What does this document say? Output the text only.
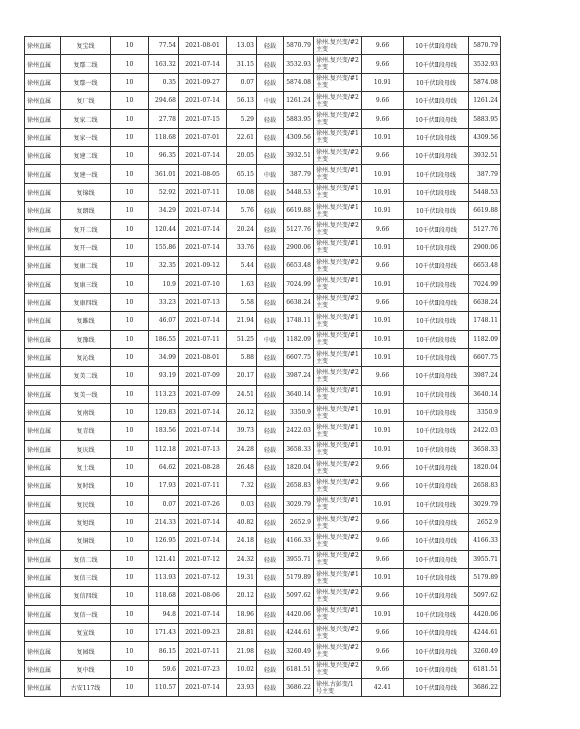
徐州直属	复宝线	10	77.54	2021-08-01	13.03	轻载	5870.79	徐州.复兴变/#2主变	9.66	10千伏Ⅱ段母线	5870.79
徐州直属	复鄢二线	10	163.32	2021-07-14	31.15	轻载	3532.93	徐州.复兴变/#2主变	9.66	10千伏Ⅱ段母线	3532.93
徐州直属	复鄢一线	10	0.35	2021-09-27	0.07	轻载	5874.08	徐州.复兴变/#1主变	10.91	10千伏Ⅰ段母线	5874.08
徐州直属	复厂线	10	294.68	2021-07-14	56.13	中载	1261.24	徐州.复兴变/#2主变	9.66	10千伏Ⅱ段母线	1261.24
徐州直属	复家二线	10	27.78	2021-07-15	5.29	轻载	5883.95	徐州.复兴变/#2主变	9.66	10千伏Ⅱ段母线	5883.95
徐州直属	复家一线	10	118.68	2021-07-01	22.61	轻载	4309.56	徐州.复兴变/#1主变	10.91	10千伏Ⅰ段母线	4309.56
徐州直属	复建二线	10	96.35	2021-07-14	20.05	轻载	3932.51	徐州.复兴变/#2主变	9.66	10千伏Ⅱ段母线	3932.51
徐州直属	复建一线	10	361.01	2021-08-05	65.15	中载	387.79	徐州.复兴变/#1主变	10.91	10千伏Ⅰ段母线	387.79
徐州直属	复锦线	10	52.92	2021-07-11	10.08	轻载	5448.53	徐州.复兴变/#1主变	10.91	10千伏Ⅰ段母线	5448.53
徐州直属	复朗线	10	34.29	2021-07-14	5.76	轻载	6619.88	徐州.复兴变/#1主变	10.91	10千伏Ⅰ段母线	6619.88
徐州直属	复开二线	10	120.44	2021-07-14	20.24	轻载	5127.76	徐州.复兴变/#2主变	9.66	10千伏Ⅱ段母线	5127.76
徐州直属	复开一线	10	155.86	2021-07-14	33.76	轻载	2900.06	徐州.复兴变/#1主变	10.91	10千伏Ⅰ段母线	2900.06
徐州直属	复康二线	10	32.35	2021-09-12	5.44	轻载	6653.48	徐州.复兴变/#2主变	9.66	10千伏Ⅱ段母线	6653.48
徐州直属	复康三线	10	10.9	2021-07-10	1.63	轻载	7024.99	徐州.复兴变/#1主变	10.91	10千伏Ⅰ段母线	7024.99
徐州直属	复康四线	10	33.23	2021-07-13	5.58	轻载	6638.24	徐州.复兴变/#2主变	9.66	10千伏Ⅱ段母线	6638.24
徐州直属	复雎线	10	46.07	2021-07-14	21.94	轻载	1748.11	徐州.复兴变/#1主变	10.91	10千伏Ⅰ段母线	1748.11
徐州直属	复豫线	10	186.55	2021-07-11	51.25	中载	1182.09	徐州.复兴变/#1主变	10.91	10千伏Ⅰ段母线	1182.09
徐州直属	复沁线	10	34.99	2021-08-01	5.88	轻载	6607.75	徐州.复兴变/#1主变	10.91	10千伏Ⅰ段母线	6607.75
徐州直属	复美二线	10	93.19	2021-07-09	20.17	轻载	3987.24	徐州.复兴变/#2主变	9.66	10千伏Ⅱ段母线	3987.24
徐州直属	复美一线	10	113.23	2021-07-09	24.51	轻载	3640.14	徐州.复兴变/#1主变	10.91	10千伏Ⅰ段母线	3640.14
徐州直属	复南线	10	129.83	2021-07-14	26.12	轻载	3350.9	徐州.复兴变/#1主变	10.91	10千伏Ⅰ段母线	3350.9
徐州直属	复青线	10	183.56	2021-07-14	39.73	轻载	2422.03	徐州.复兴变/#1主变	10.91	10千伏Ⅰ段母线	2422.03
徐州直属	复庆线	10	112.18	2021-07-13	24.28	轻载	3658.33	徐州.复兴变/#1主变	10.91	10千伏Ⅰ段母线	3658.33
徐州直属	复土线	10	64.62	2021-08-28	26.48	轻载	1820.04	徐州.复兴变/#2主变	9.66	10千伏Ⅱ段母线	1820.04
徐州直属	复时线	10	17.93	2021-07-11	7.32	轻载	2658.83	徐州.复兴变/#2主变	9.66	10千伏Ⅱ段母线	2658.83
徐州直属	复民线	10	0.07	2021-07-26	0.03	轻载	3029.79	徐州.复兴变/#1主变	10.91	10千伏Ⅰ段母线	3029.79
徐州直属	复旭线	10	214.33	2021-07-14	40.82	轻载	2652.9	徐州.复兴变/#2主变	9.66	10千伏Ⅱ段母线	2652.9
徐州直属	复铜线	10	126.95	2021-07-14	24.18	轻载	4166.33	徐州.复兴变/#2主变	9.66	10千伏Ⅱ段母线	4166.33
徐州直属	复信二线	10	121.41	2021-07-12	24.32	轻载	3955.71	徐州.复兴变/#2主变	9.66	10千伏Ⅱ段母线	3955.71
徐州直属	复信三线	10	113.93	2021-07-12	19.31	轻载	5179.89	徐州.复兴变/#1主变	10.91	10千伏Ⅰ段母线	5179.89
徐州直属	复信四线	10	118.68	2021-08-06	20.12	轻载	5097.62	徐州.复兴变/#2主变	9.66	10千伏Ⅱ段母线	5097.62
徐州直属	复信一线	10	94.8	2021-07-14	18.96	轻载	4420.06	徐州.复兴变/#1主变	10.91	10千伏Ⅰ段母线	4420.06
徐州直属	复宣线	10	171.43	2021-09-23	28.81	轻载	4244.61	徐州.复兴变/#2主变	9.66	10千伏Ⅱ段母线	4244.61
徐州直属	复园线	10	86.15	2021-07-11	21.98	轻载	3260.49	徐州.复兴变/#2主变	9.66	10千伏Ⅱ段母线	3260.49
徐州直属	复中线	10	59.6	2021-07-23	10.02	轻载	6181.51	徐州.复兴变/#2主变	9.66	10千伏Ⅱ段母线	6181.51
徐州直属	古安117线	10	110.57	2021-07-14	23.93	轻载	3686.22	徐州.古彭变/1号主变	42.41	10千伏Ⅱ段母线	3686.22
